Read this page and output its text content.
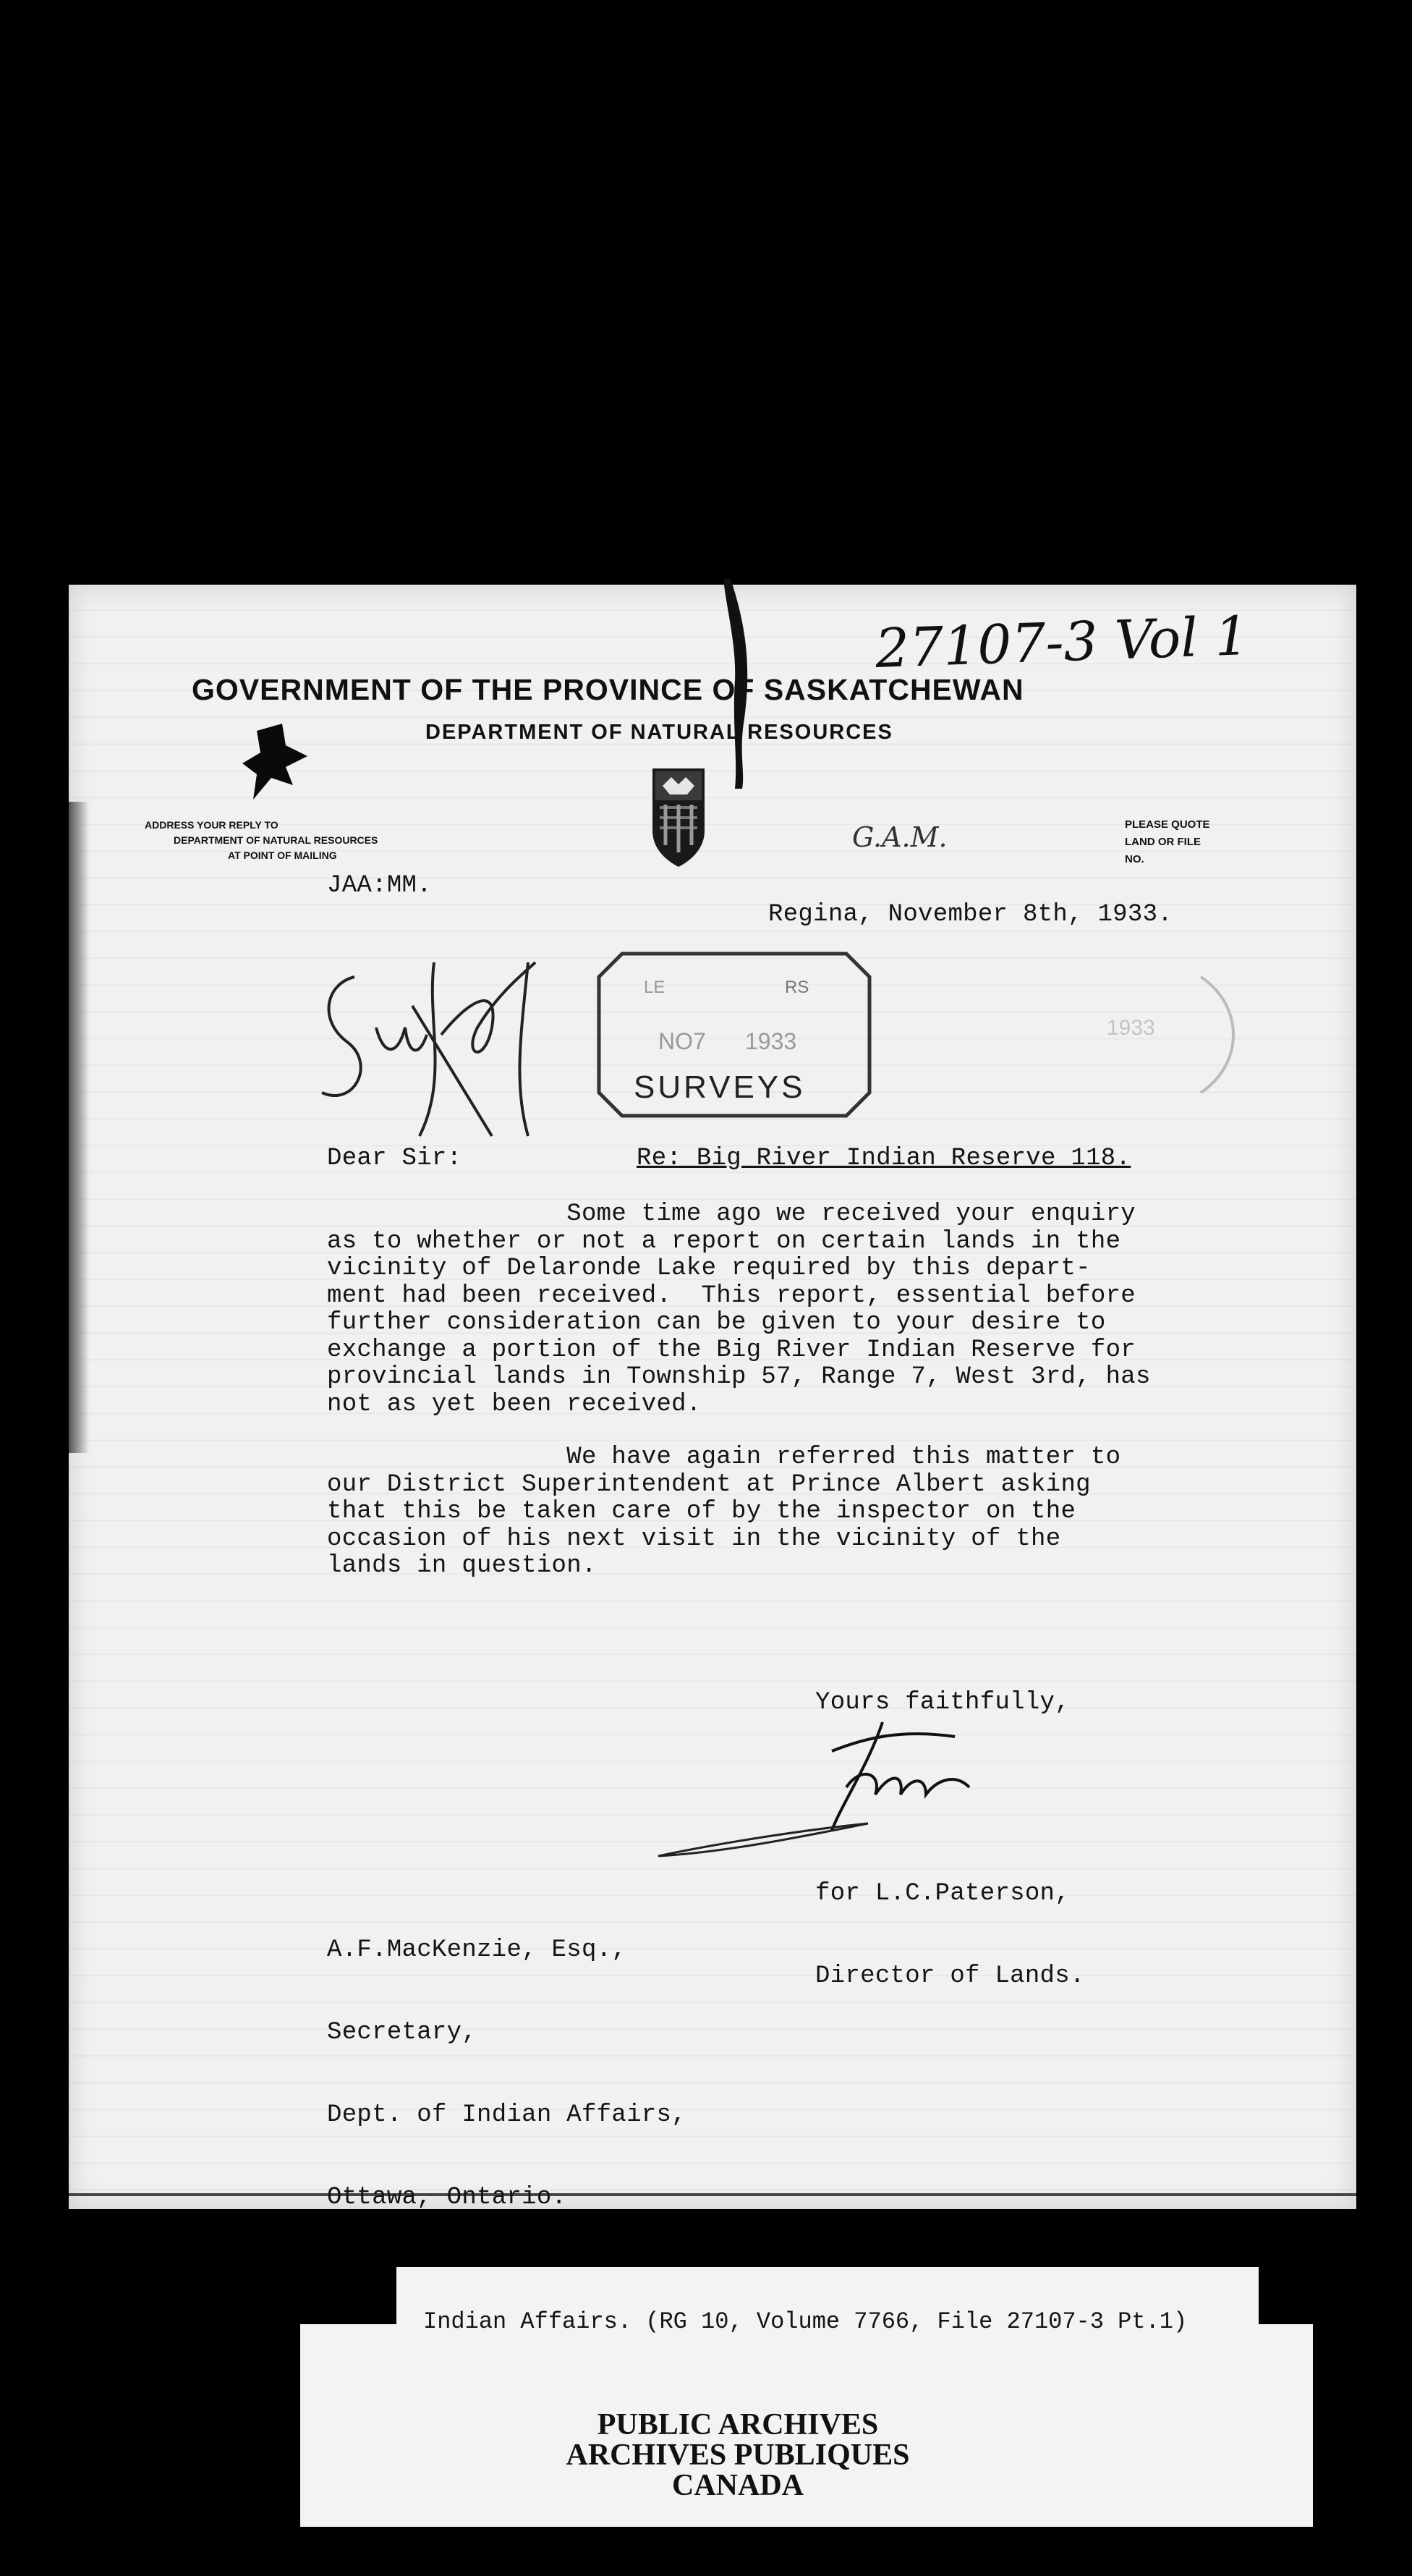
27107-3 Vol 1
GOVERNMENT OF THE PROVINCE OF SASKATCHEWAN
DEPARTMENT OF NATURAL RESOURCES
ADDRESS YOUR REPLY TO
DEPARTMENT OF NATURAL RESOURCES
AT POINT OF MAILING
PLEASE QUOTE
LAND OR FILE
NO.
G.A.M.
JAA:MM.
Regina, November 8th, 1933.
LE	RS
NO7 1933
SURVEYS
1933
Dear Sir:	Re: Big River Indian Reserve 118.
Some time ago we received your enquiry
as to whether or not a report on certain lands in the
vicinity of Delaronde Lake required by this depart-
ment had been received.  This report, essential before
further consideration can be given to your desire to
exchange a portion of the Big River Indian Reserve for
provincial lands in Township 57, Range 7, West 3rd, has
not as yet been received.
We have again referred this matter to
our District Superintendent at Prince Albert asking
that this be taken care of by the inspector on the
occasion of his next visit in the vicinity of the
lands in question.
Yours faithfully,

for L.C.Paterson,

Director of Lands.

A.F.MacKenzie, Esq.,

Secretary,

Dept. of Indian Affairs,

Ottawa, Ontario.

Indian Affairs. (RG 10, Volume 7766, File 27107-3 Pt.1)
PUBLIC ARCHIVES
ARCHIVES PUBLIQUES
CANADA
